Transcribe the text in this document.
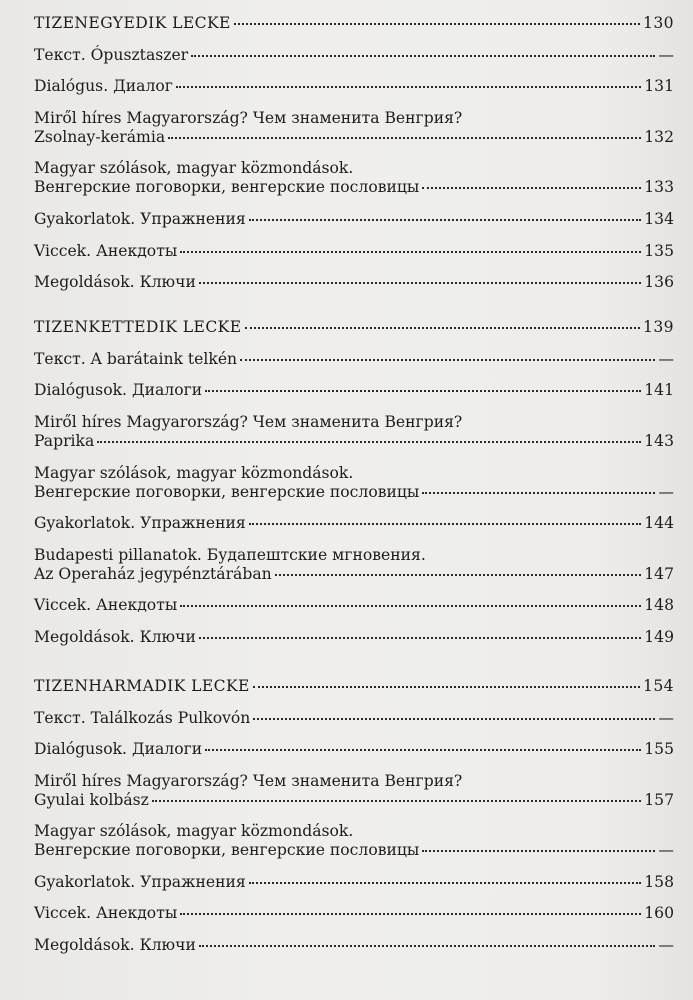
TIZENEGYEDIK LECKE	130
Текст. Ópusztaszer	—
Dialógus. Диалог	131
Miről híres Magyarország? Чем знаменита Венгрия?
Zsolnay-kerámia	132
Magyar szólások, magyar közmondások.
Венгерские поговорки, венгерские пословицы	133
Gyakorlatok. Упражнения	134
Viccek. Анекдоты	135
Megoldások. Ключи	136
TIZENKETTEDIK LECKE	139
Текст. A barátaink telkén	—
Dialógusok. Диалоги	141
Miről híres Magyarország? Чем знаменита Венгрия?
Paprika	143
Magyar szólások, magyar közmondások.
Венгерские поговорки, венгерские пословицы	—
Gyakorlatok. Упражнения	144
Budapesti pillanatok. Будапештские мгновения.
Az Operaház jegypénztárában	147
Viccek. Анекдоты	148
Megoldások. Ключи	149
TIZENHARMADIK LECKE	154
Текст. Találkozás Pulkovón	—
Dialógusok. Диалоги	155
Miről híres Magyarország? Чем знаменита Венгрия?
Gyulai kolbász	157
Magyar szólások, magyar közmondások.
Венгерские поговорки, венгерские пословицы	—
Gyakorlatok. Упражнения	158
Viccek. Анекдоты	160
Megoldások. Ключи	—
